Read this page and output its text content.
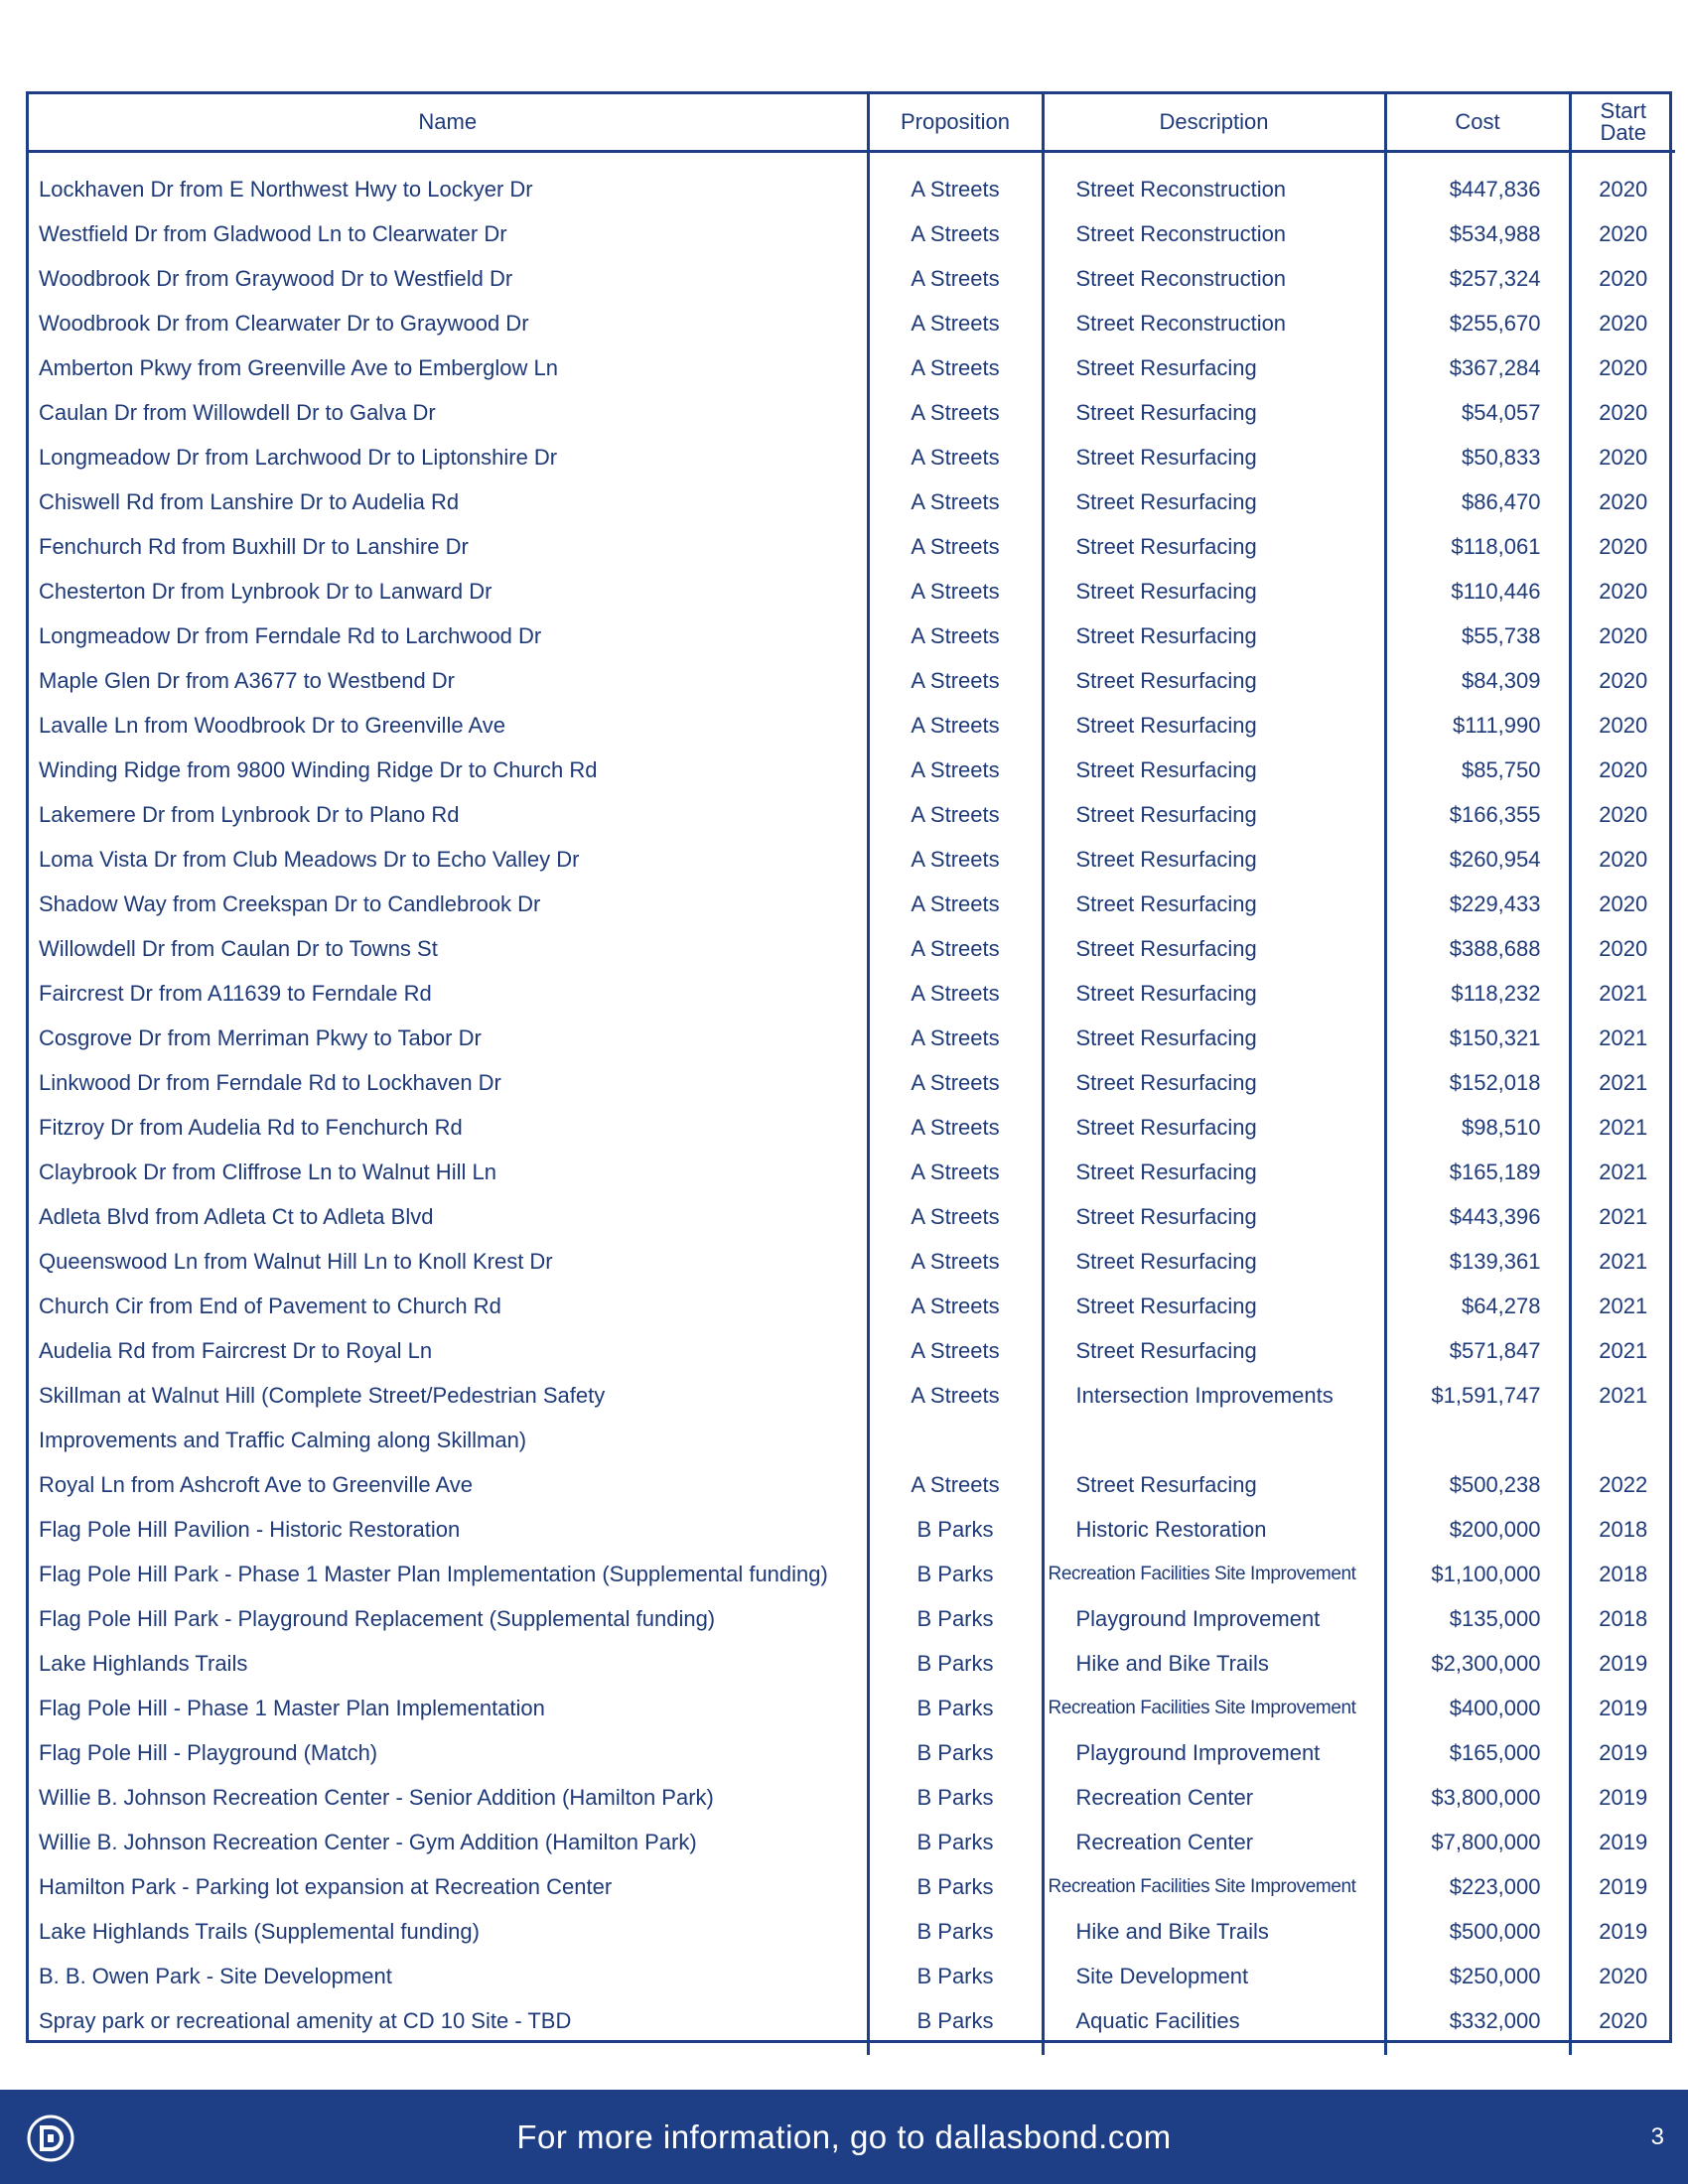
Name	Proposition	Description	Cost	Start Date
Lockhaven Dr from E Northwest Hwy to Lockyer Dr	A Streets	Street Reconstruction	$447,836	2020
Westfield Dr from Gladwood Ln to Clearwater Dr	A Streets	Street Reconstruction	$534,988	2020
Woodbrook Dr from Graywood Dr to Westfield Dr	A Streets	Street Reconstruction	$257,324	2020
Woodbrook Dr from Clearwater Dr to Graywood Dr	A Streets	Street Reconstruction	$255,670	2020
Amberton Pkwy from Greenville Ave to Emberglow Ln	A Streets	Street Resurfacing	$367,284	2020
Caulan Dr from Willowdell Dr to Galva Dr	A Streets	Street Resurfacing	$54,057	2020
Longmeadow Dr from Larchwood Dr to Liptonshire Dr	A Streets	Street Resurfacing	$50,833	2020
Chiswell Rd from Lanshire Dr to Audelia Rd	A Streets	Street Resurfacing	$86,470	2020
Fenchurch Rd from Buxhill Dr to Lanshire Dr	A Streets	Street Resurfacing	$118,061	2020
Chesterton Dr from Lynbrook Dr to Lanward Dr	A Streets	Street Resurfacing	$110,446	2020
Longmeadow Dr from Ferndale Rd to Larchwood Dr	A Streets	Street Resurfacing	$55,738	2020
Maple Glen Dr from A3677 to Westbend Dr	A Streets	Street Resurfacing	$84,309	2020
Lavalle Ln from Woodbrook Dr to Greenville Ave	A Streets	Street Resurfacing	$111,990	2020
Winding Ridge from 9800 Winding Ridge Dr to Church Rd	A Streets	Street Resurfacing	$85,750	2020
Lakemere Dr from Lynbrook Dr to Plano Rd	A Streets	Street Resurfacing	$166,355	2020
Loma Vista Dr from Club Meadows Dr to Echo Valley Dr	A Streets	Street Resurfacing	$260,954	2020
Shadow Way from Creekspan Dr to Candlebrook Dr	A Streets	Street Resurfacing	$229,433	2020
Willowdell Dr from Caulan Dr to Towns St	A Streets	Street Resurfacing	$388,688	2020
Faircrest Dr from A11639 to Ferndale Rd	A Streets	Street Resurfacing	$118,232	2021
Cosgrove Dr from Merriman Pkwy to Tabor Dr	A Streets	Street Resurfacing	$150,321	2021
Linkwood Dr from Ferndale Rd to Lockhaven Dr	A Streets	Street Resurfacing	$152,018	2021
Fitzroy Dr from Audelia Rd to Fenchurch Rd	A Streets	Street Resurfacing	$98,510	2021
Claybrook Dr from Cliffrose Ln to Walnut Hill Ln	A Streets	Street Resurfacing	$165,189	2021
Adleta Blvd from Adleta Ct to Adleta Blvd	A Streets	Street Resurfacing	$443,396	2021
Queenswood Ln from Walnut Hill Ln to Knoll Krest Dr	A Streets	Street Resurfacing	$139,361	2021
Church Cir from End of Pavement to Church Rd	A Streets	Street Resurfacing	$64,278	2021
Audelia Rd from Faircrest Dr to Royal Ln	A Streets	Street Resurfacing	$571,847	2021
Skillman at Walnut Hill (Complete Street/Pedestrian Safety	A Streets	Intersection Improvements	$1,591,747	2021
Improvements and Traffic Calming along Skillman)				
Royal Ln from Ashcroft Ave to Greenville Ave	A Streets	Street Resurfacing	$500,238	2022
Flag Pole Hill Pavilion - Historic Restoration	B Parks	Historic Restoration	$200,000	2018
Flag Pole Hill Park - Phase 1 Master Plan Implementation (Supplemental funding)	B Parks	Recreation Facilities Site Improvement	$1,100,000	2018
Flag Pole Hill Park - Playground Replacement (Supplemental funding)	B Parks	Playground Improvement	$135,000	2018
Lake Highlands Trails	B Parks	Hike and Bike Trails	$2,300,000	2019
Flag Pole Hill - Phase 1 Master Plan Implementation	B Parks	Recreation Facilities Site Improvement	$400,000	2019
Flag Pole Hill - Playground (Match)	B Parks	Playground Improvement	$165,000	2019
Willie B. Johnson Recreation Center - Senior Addition (Hamilton Park)	B Parks	Recreation Center	$3,800,000	2019
Willie B. Johnson Recreation Center - Gym Addition (Hamilton Park)	B Parks	Recreation Center	$7,800,000	2019
Hamilton Park - Parking lot expansion at Recreation Center	B Parks	Recreation Facilities Site Improvement	$223,000	2019
Lake Highlands Trails (Supplemental funding)	B Parks	Hike and Bike Trails	$500,000	2019
B. B. Owen Park - Site Development	B Parks	Site Development	$250,000	2020
Spray park or recreational amenity at CD 10 Site - TBD	B Parks	Aquatic Facilities	$332,000	2020
For more information, go to dallasbond.com	3
